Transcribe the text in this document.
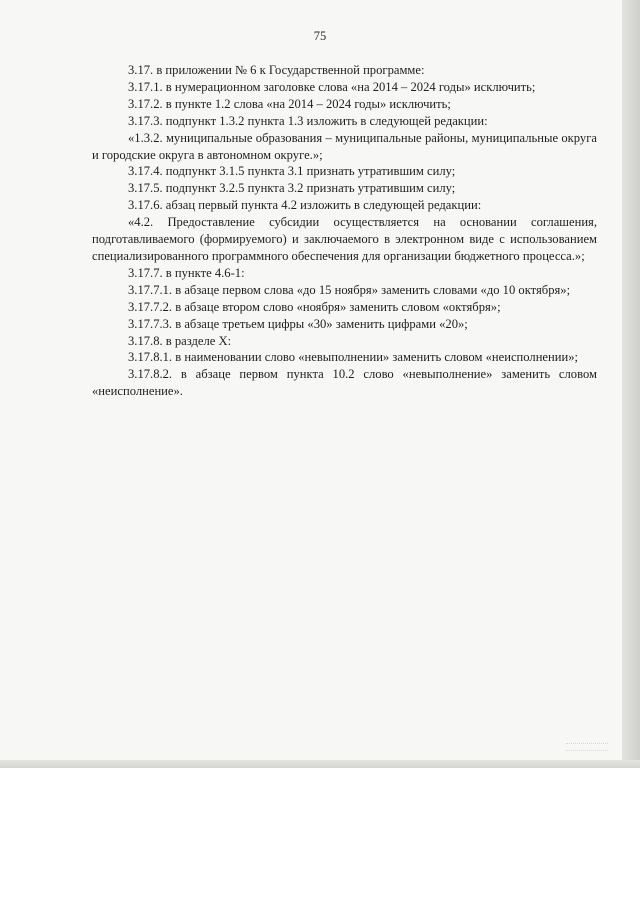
75

3.17. в приложении № 6 к Государственной программе:

3.17.1. в нумерационном заголовке слова «на 2014 – 2024 годы» исключить;

3.17.2. в пункте 1.2 слова «на 2014 – 2024 годы» исключить;

3.17.3. подпункт 1.3.2 пункта 1.3 изложить в следующей редакции:

«1.3.2. муниципальные образования – муниципальные районы, муниципальные округа и городские округа в автономном округе.»;

3.17.4. подпункт 3.1.5 пункта 3.1 признать утратившим силу;

3.17.5. подпункт 3.2.5 пункта 3.2 признать утратившим силу;

3.17.6. абзац первый пункта 4.2 изложить в следующей редакции:

«4.2. Предоставление субсидии осуществляется на основании соглашения, подготавливаемого (формируемого) и заключаемого в электронном виде с использованием специализированного программного обеспечения для организации бюджетного процесса.»;

3.17.7. в пункте 4.6-1:

3.17.7.1. в абзаце первом слова «до 15 ноября» заменить словами «до 10 октября»;

3.17.7.2. в абзаце втором слово «ноября» заменить словом «октября»;

3.17.7.3. в абзаце третьем цифры «30» заменить цифрами «20»;

3.17.8. в разделе X:

3.17.8.1. в наименовании слово «невыполнении» заменить словом «неисполнении»;

3.17.8.2. в абзаце первом пункта 10.2 слово «невыполнение» заменить словом «неисполнение».
